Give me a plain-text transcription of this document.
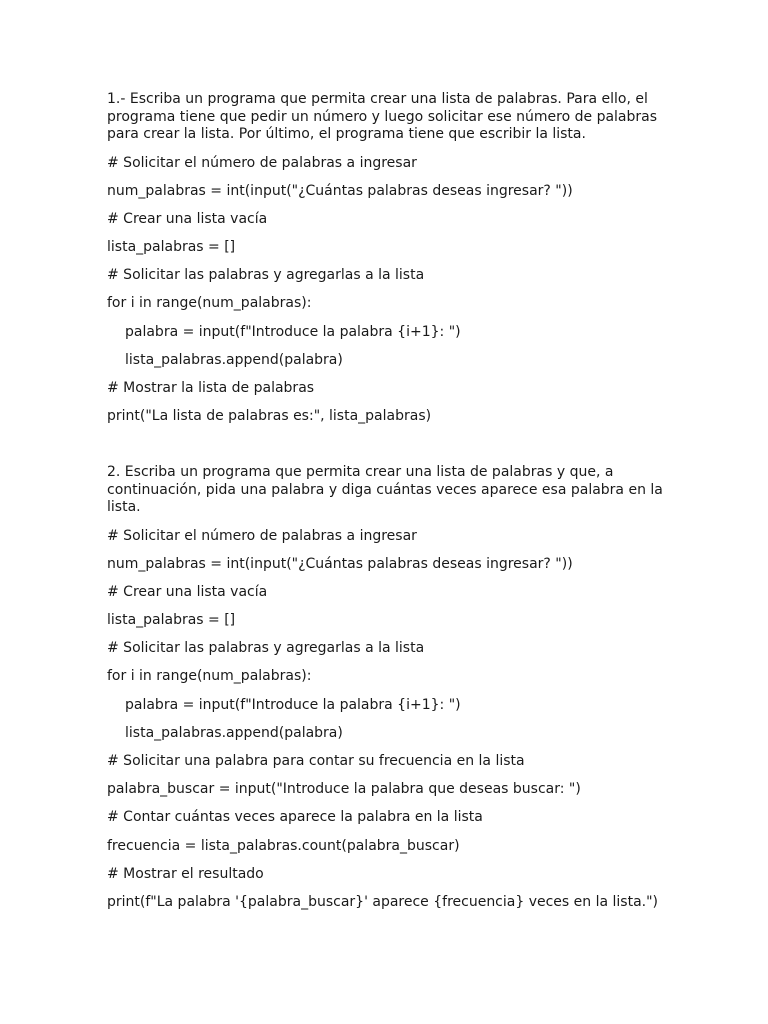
1.- Escriba un programa que permita crear una lista de palabras. Para ello, el programa tiene que pedir un número y luego solicitar ese número de palabras para crear la lista. Por último, el programa tiene que escribir la lista.

# Solicitar el número de palabras a ingresar
num_palabras = int(input("¿Cuántas palabras deseas ingresar? "))
# Crear una lista vacía
lista_palabras = []
# Solicitar las palabras y agregarlas a la lista
for i in range(num_palabras):
palabra = input(f"Introduce la palabra {i+1}: ")
lista_palabras.append(palabra)
# Mostrar la lista de palabras
print("La lista de palabras es:", lista_palabras)

2. Escriba un programa que permita crear una lista de palabras y que, a continuación, pida una palabra y diga cuántas veces aparece esa palabra en la lista.

# Solicitar el número de palabras a ingresar
num_palabras = int(input("¿Cuántas palabras deseas ingresar? "))
# Crear una lista vacía
lista_palabras = []
# Solicitar las palabras y agregarlas a la lista
for i in range(num_palabras):
palabra = input(f"Introduce la palabra {i+1}: ")
lista_palabras.append(palabra)
# Solicitar una palabra para contar su frecuencia en la lista
palabra_buscar = input("Introduce la palabra que deseas buscar: ")
# Contar cuántas veces aparece la palabra en la lista
frecuencia = lista_palabras.count(palabra_buscar)
# Mostrar el resultado
print(f"La palabra '{palabra_buscar}' aparece {frecuencia} veces en la lista.")
